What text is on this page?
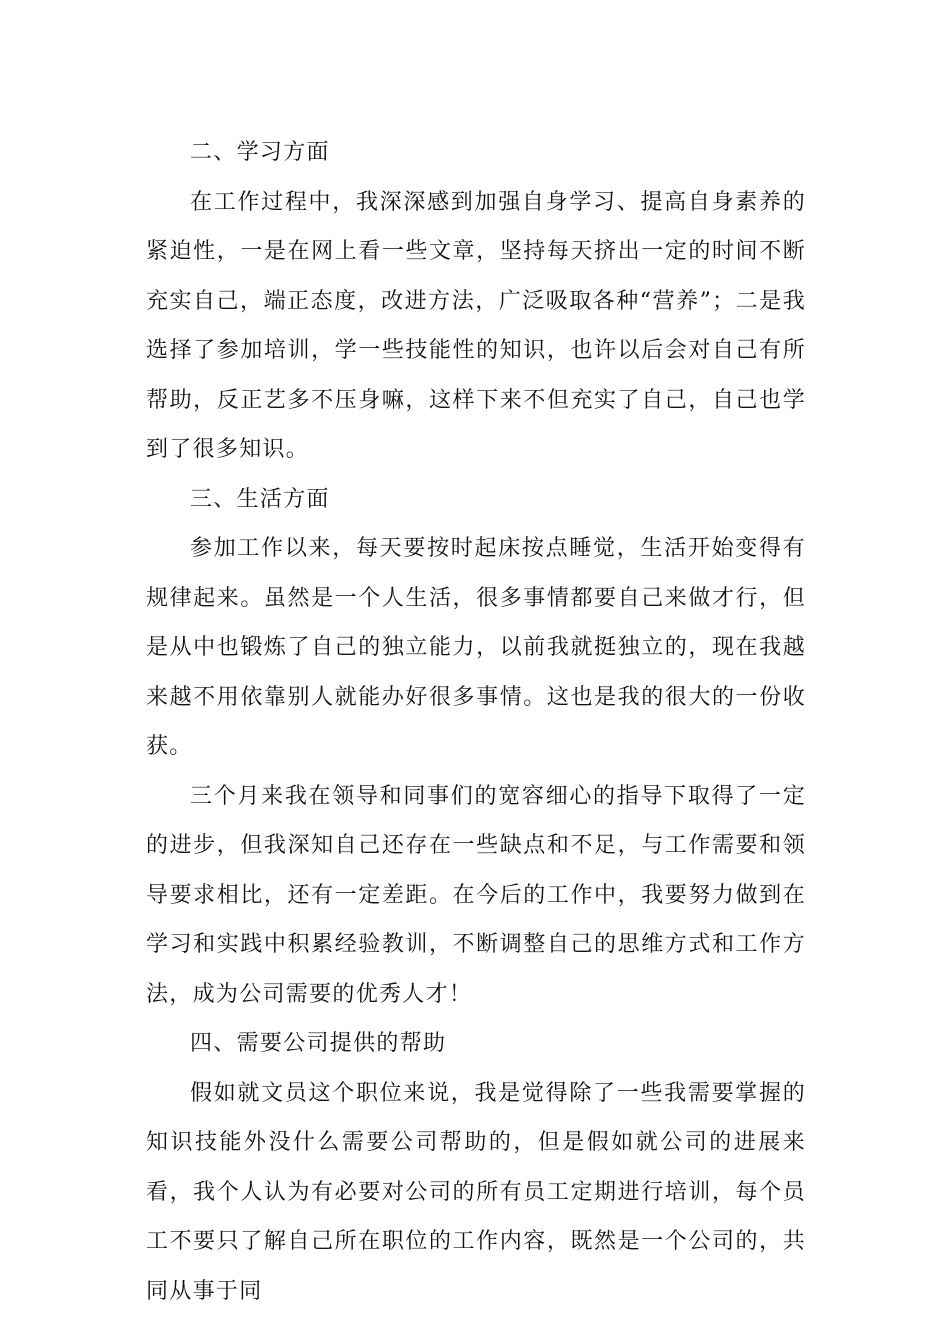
二、学习方面

在工作过程中，我深深感到加强自身学习、提高自身素养的紧迫性，一是在网上看一些文章，坚持每天挤出一定的时间不断充实自己，端正态度，改进方法，广泛吸取各种“营养”；二是我选择了参加培训，学一些技能性的知识，也许以后会对自己有所帮助，反正艺多不压身嘛，这样下来不但充实了自己，自己也学到了很多知识。

三、生活方面

参加工作以来，每天要按时起床按点睡觉，生活开始变得有规律起来。虽然是一个人生活，很多事情都要自己来做才行，但是从中也锻炼了自己的独立能力，以前我就挺独立的，现在我越来越不用依靠别人就能办好很多事情。这也是我的很大的一份收获。

三个月来我在领导和同事们的宽容细心的指导下取得了一定的进步，但我深知自己还存在一些缺点和不足，与工作需要和领导要求相比，还有一定差距。在今后的工作中，我要努力做到在学习和实践中积累经验教训，不断调整自己的思维方式和工作方法，成为公司需要的优秀人才！

四、需要公司提供的帮助

假如就文员这个职位来说，我是觉得除了一些我需要掌握的知识技能外没什么需要公司帮助的，但是假如就公司的进展来看，我个人认为有必要对公司的所有员工定期进行培训，每个员工不要只了解自己所在职位的工作内容，既然是一个公司的，共同从事于同
